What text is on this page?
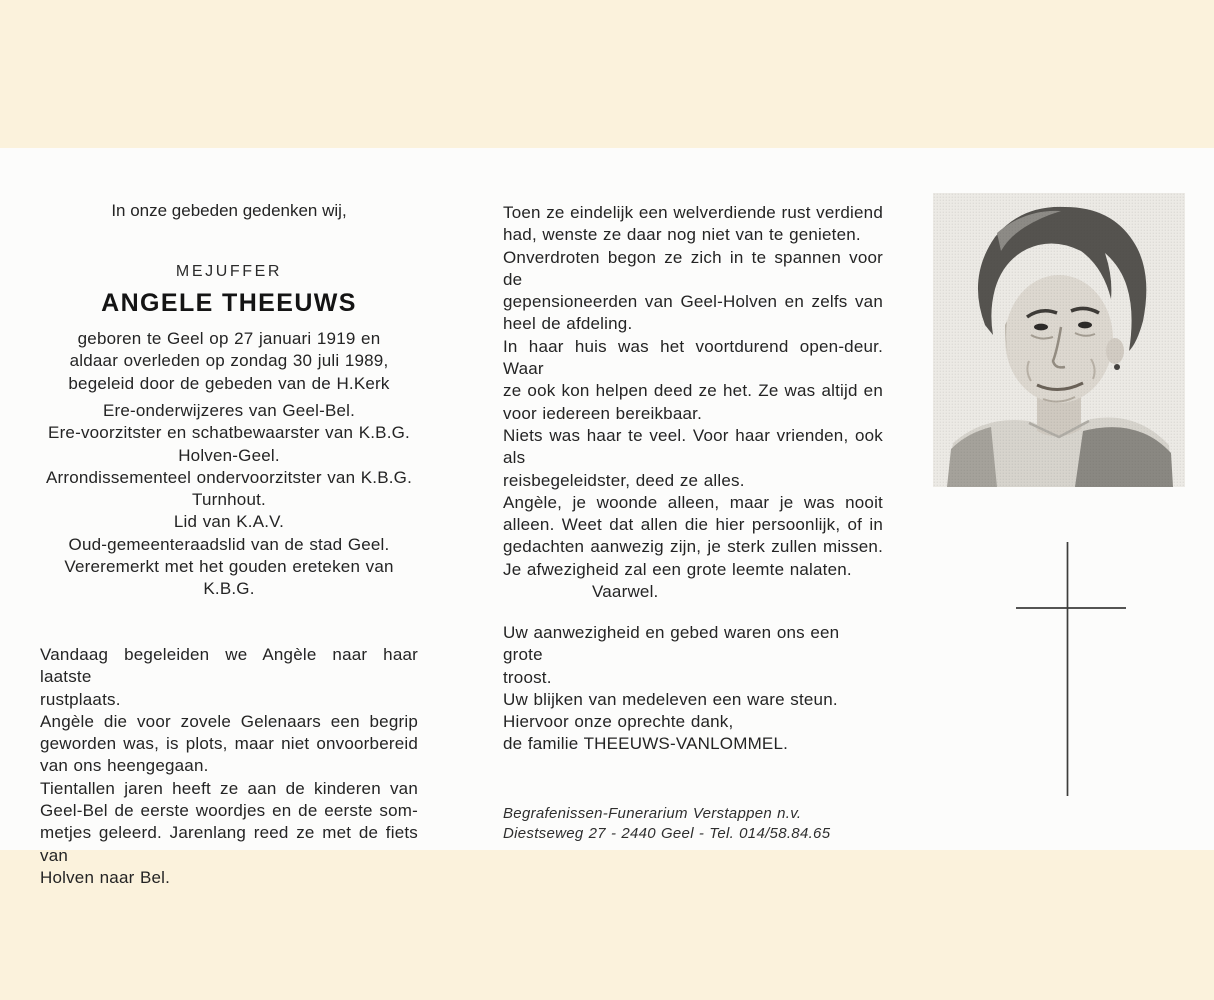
In onze gebeden gedenken wij,
MEJUFFER
ANGELE THEEUWS
geboren te Geel op 27 januari 1919 en
aldaar overleden op zondag 30 juli 1989,
begeleid door de gebeden van de H.Kerk
Ere-onderwijzeres van Geel-Bel.
Ere-voorzitster en schatbewaarster van K.B.G.
Holven-Geel.
Arrondissementeel ondervoorzitster van K.B.G.
Turnhout.
Lid van K.A.V.
Oud-gemeenteraadslid van de stad Geel.
Vereremerkt met het gouden ereteken van K.B.G.
Vandaag begeleiden we Angèle naar haar laatste
rustplaats.
Angèle die voor zovele Gelenaars een begrip
geworden was, is plots, maar niet onvoorbereid
van ons heengegaan.
Tientallen jaren heeft ze aan de kinderen van
Geel-Bel de eerste woordjes en de eerste som-
metjes geleerd. Jarenlang reed ze met de fiets van
Holven naar Bel.
Toen ze eindelijk een welverdiende rust verdiend
had, wenste ze daar nog niet van te genieten.
Onverdroten begon ze zich in te spannen voor de
gepensioneerden van Geel-Holven en zelfs van
heel de afdeling.
In haar huis was het voortdurend open-deur. Waar
ze ook kon helpen deed ze het. Ze was altijd en
voor iedereen bereikbaar.
Niets was haar te veel. Voor haar vrienden, ook als
reisbegeleidster, deed ze alles.
Angèle, je woonde alleen, maar je was nooit
alleen. Weet dat allen die hier persoonlijk, of in
gedachten aanwezig zijn, je sterk zullen missen.
Je afwezigheid zal een grote leemte nalaten.
Vaarwel.
Uw aanwezigheid en gebed waren ons een grote
troost.
Uw blijken van medeleven een ware steun.
Hiervoor onze oprechte dank,
de familie THEEUWS-VANLOMMEL.
Begrafenissen-Funerarium Verstappen n.v.
Diestseweg 27 - 2440 Geel - Tel. 014/58.84.65
